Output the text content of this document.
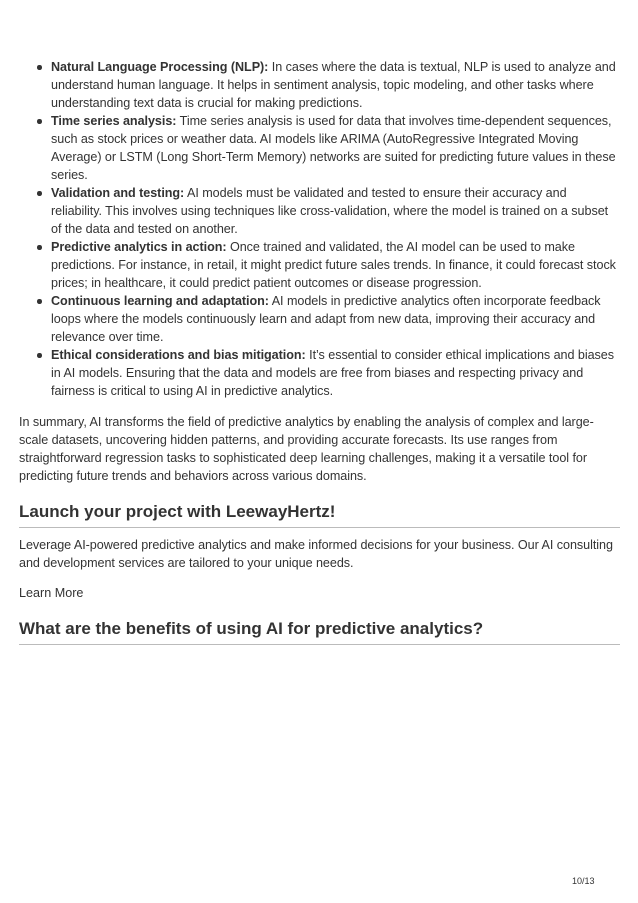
Natural Language Processing (NLP): In cases where the data is textual, NLP is used to analyze and understand human language. It helps in sentiment analysis, topic modeling, and other tasks where understanding text data is crucial for making predictions.
Time series analysis: Time series analysis is used for data that involves time-dependent sequences, such as stock prices or weather data. AI models like ARIMA (AutoRegressive Integrated Moving Average) or LSTM (Long Short-Term Memory) networks are suited for predicting future values in these series.
Validation and testing: AI models must be validated and tested to ensure their accuracy and reliability. This involves using techniques like cross-validation, where the model is trained on a subset of the data and tested on another.
Predictive analytics in action: Once trained and validated, the AI model can be used to make predictions. For instance, in retail, it might predict future sales trends. In finance, it could forecast stock prices; in healthcare, it could predict patient outcomes or disease progression.
Continuous learning and adaptation: AI models in predictive analytics often incorporate feedback loops where the models continuously learn and adapt from new data, improving their accuracy and relevance over time.
Ethical considerations and bias mitigation: It’s essential to consider ethical implications and biases in AI models. Ensuring that the data and models are free from biases and respecting privacy and fairness is critical to using AI in predictive analytics.

In summary, AI transforms the field of predictive analytics by enabling the analysis of complex and large-scale datasets, uncovering hidden patterns, and providing accurate forecasts. Its use ranges from straightforward regression tasks to sophisticated deep learning challenges, making it a versatile tool for predicting future trends and behaviors across various domains.

Launch your project with LeewayHertz!

Leverage AI-powered predictive analytics and make informed decisions for your business. Our AI consulting and development services are tailored to your unique needs.

Learn More
What are the benefits of using AI for predictive analytics?
10/13
